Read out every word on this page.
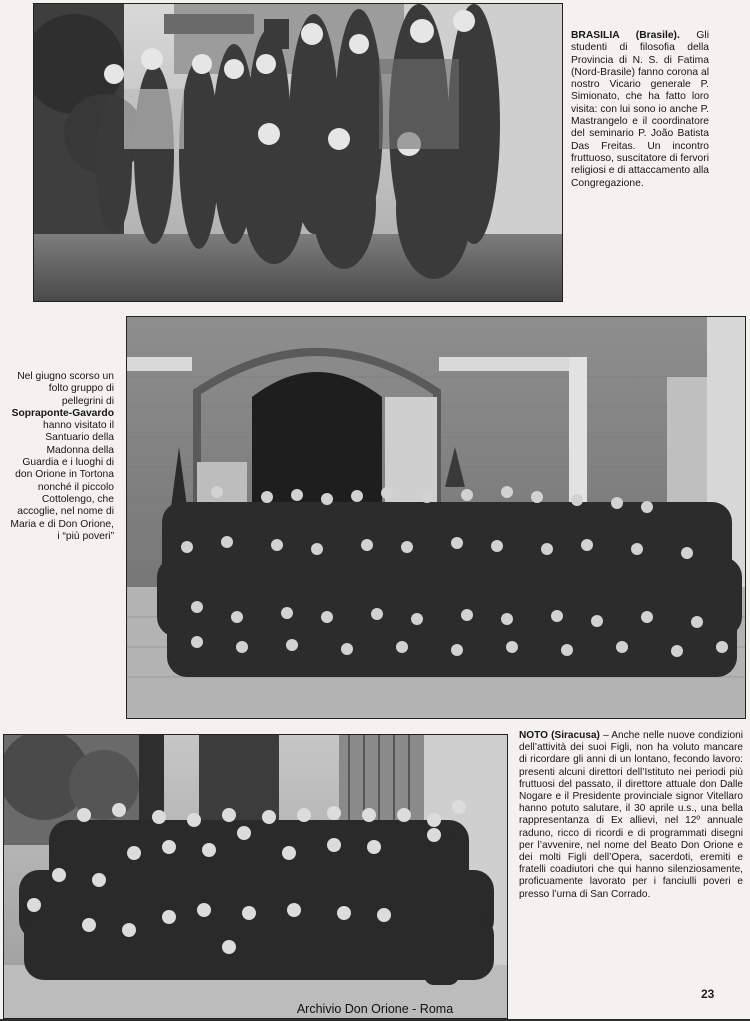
BRASILIA (Brasile). Gli studenti di filosofia della Provincia di N. S. di Fatima (Nord-Brasile) fanno corona al nostro Vicario generale P. Simionato, che ha fatto loro visita: con lui sono io anche P. Mastrangelo e il coordinatore del seminario P. João Batista Das Freitas. Un incontro fruttuoso, suscitatore di fervori religiosi e di attaccamento alla Congregazione.
Nel giugno scorso un folto gruppo di pellegrini di Sopraponte-Gavardo hanno visitato il Santuario della Madonna della Guardia e i luoghi di don Orione in Tortona nonché il piccolo Cottolengo, che accoglie, nel nome di Maria e di Don Orione, i “più poveri”
NOTO (Siracusa) – Anche nelle nuove condizioni dell’attività dei suoi Figli, non ha voluto mancare di ricordare gli anni di un lontano, fecondo lavoro: presenti alcuni direttori dell’Istituto nei periodi più fruttuosi del passato, il direttore attuale don Dalle Nogare e il Presidente provinciale signor Vitellaro hanno potuto salutare, il 30 aprile u.s., una bella rappresentanza di Ex allievi, nel 12º annuale raduno, ricco di ricordi e di programmati disegni per l’avvenire, nel nome del Beato Don Orione e dei molti Figli dell’Opera, sacerdoti, eremiti e fratelli coadiutori che qui hanno silenziosamente, proficuamente lavorato per i fanciulli poveri e presso l’urna di San Corrado.
23
Archivio Don Orione - Roma
